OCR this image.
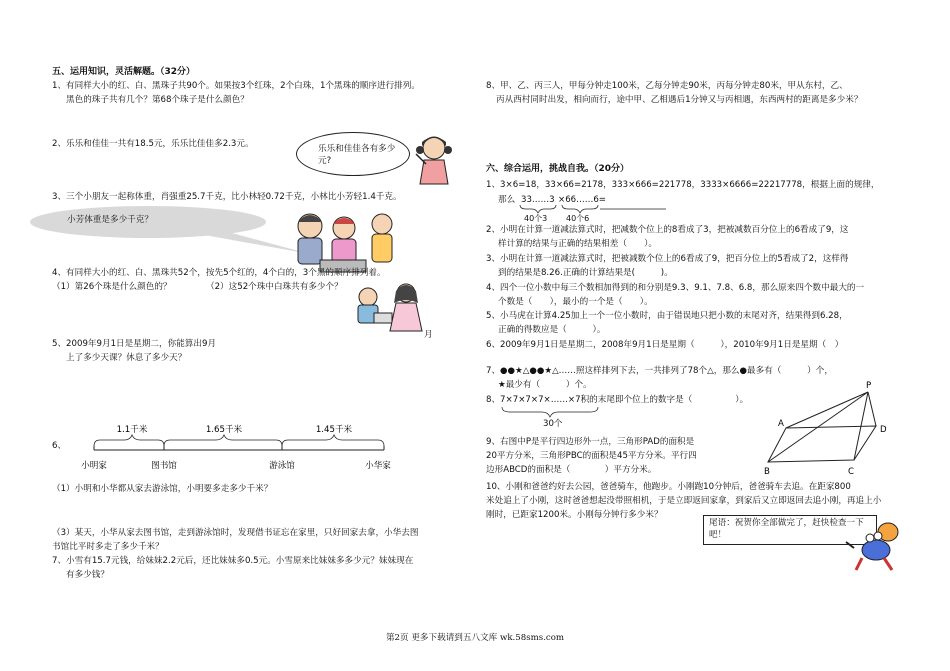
五、运用知识，灵活解题。（32分）
1、有同样大小的红、白、黑珠子共90个。如果按3个红珠，2个白珠，1个黑珠的顺序进行排列。
黑色的珠子共有几个？第68个珠子是什么颜色？
2、乐乐和佳佳一共有18.5元，乐乐比佳佳多2.3元。	乐乐和佳佳各有多少元?
3、三个小朋友一起称体重，肖强重25.7千克，比小林轻0.72千克，小林比小芳轻1.4千克。
小芳体重是多少千克？
4、有同样大小的红、白、黑珠共52个，按先5个红的，4个白的，3个黑的顺序排列着。
（1）第26个珠是什么颜色的？	（2）这52个珠中白珠共有多少个？
月
5、2009年9月1日是星期二，你能算出9月
上了多少天课？休息了多少天？
6、
1.1千米	1.65千米	1.45千米
小明家	图书馆	游泳馆	小华家
（1）小明和小华都从家去游泳馆，小明要多走多少千米？
（3）某天，小华从家去图书馆，走到游泳馆时，发现借书证忘在家里，只好回家去拿，小华去图
书馆比平时多走了多少千米？
7、小雪有15.7元钱，给妹妹2.2元后，还比妹妹多0.5元。小雪原来比妹妹多多少元？妹妹现在
有多少钱？
8、甲、乙、丙三人，甲每分钟走100米，乙每分钟走90米，丙每分钟走80米，甲从东村，乙、
丙从西村同时出发，相向而行，途中甲、乙相遇后1分钟又与丙相遇，东西两村的距离是多少米？
六、综合运用，挑战自我。（20分）
1、3×6=18，33×66=2178，333×666=221778，3333×6666=22217778，根据上面的规律，
那么 33……3 ×66……6=
40个3 40个6
2、小明在计算一道减法算式时，把减数个位上的8看成了3，把被减数百分位上的6看成了9，这
样计算的结果与正确的结果相差（　　）。
3、小明在计算一道减法算式时，把被减数个位上的6看成了9，把百分位上的5看成了2，这样得
到的结果是8.26.正确的计算结果是(　　　)。
4、四个一位小数中每三个数相加得到的和分别是9.3、9.1、7.8、6.8，那么原来四个数中最大的一
个数是（　　），最小的一个是（　　）。
5、小马虎在计算4.25加上一个一位小数时，由于错误地只把小数的末尾对齐，结果得到6.28，
正确的得数应是（　　　）。
6、2009年9月1日是星期二，2008年9月1日是星期（　　　），2010年9月1日是星期（　）
7、●●★△●●★△……照这样排列下去，一共排列了78个△，那么●最多有（　　　）个，
★最少有（　　　）个。
8、7×7×7×7×……×7积的末尾即个位上的数字是（　　　　　）。
30个
9、右图中P是平行四边形外一点，三角形PAD的面积是
20平方分米，三角形PBC的面积是45平方分米。平行四
边形ABCD的面积是（　　　　）平方分米。
P
A
D
B	C
10、小刚和爸爸约好去公园，爸爸骑车，他跑步。小刚跑10分钟后，爸爸骑车去追。在距家800
米处追上了小刚，这时爸爸想起没带照相机，于是立即返回家拿，到家后又立即返回去追小刚，再追上小
刚时，已距家1200米。小刚每分钟行多少米？
尾语：祝贺你全部做完了，赶快检查一下
吧！
第2页 更多下载请到五八文库 wk.58sms.com
